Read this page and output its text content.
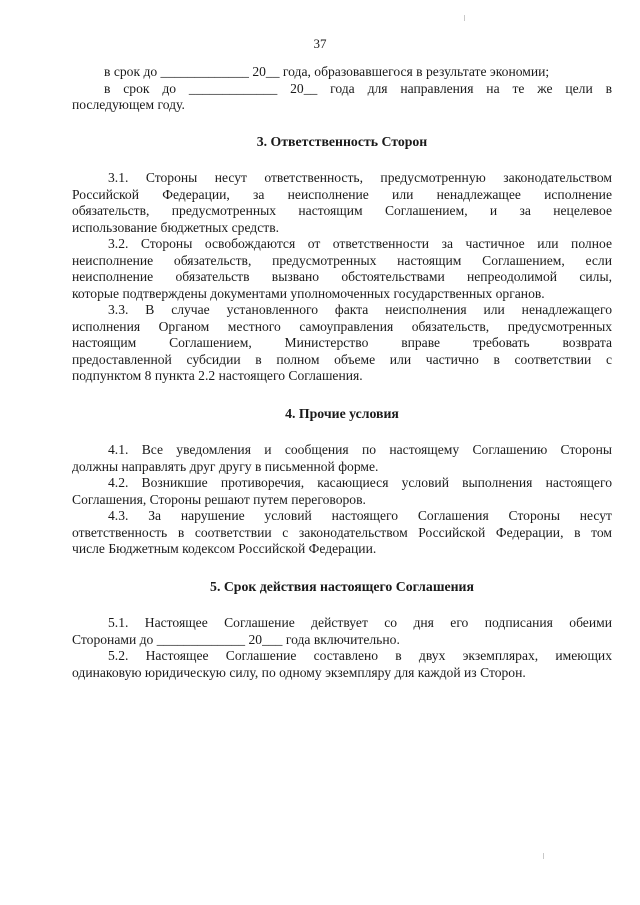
37

в срок до _____________ 20__ года, образовавшегося в результате экономии;

в срок до _____________ 20__ года для направления на те же цели в

последующем году.

3. Ответственность Сторон

3.1. Стороны несут ответственность, предусмотренную законодательством

Российской Федерации, за неисполнение или ненадлежащее исполнение

обязательств, предусмотренных настоящим Соглашением, и за нецелевое

использование бюджетных средств.

3.2. Стороны освобождаются от ответственности за частичное или полное

неисполнение обязательств, предусмотренных настоящим Соглашением, если

неисполнение обязательств вызвано обстоятельствами непреодолимой силы,

которые подтверждены документами уполномоченных государственных органов.

3.3. В случае установленного факта неисполнения или ненадлежащего

исполнения Органом местного самоуправления обязательств, предусмотренных

настоящим Соглашением, Министерство вправе требовать возврата

предоставленной субсидии в полном объеме или частично в соответствии с

подпунктом 8 пункта 2.2 настоящего Соглашения.

4. Прочие условия

4.1. Все уведомления и сообщения по настоящему Соглашению Стороны

должны направлять друг другу в письменной форме.

4.2. Возникшие противоречия, касающиеся условий выполнения настоящего

Соглашения, Стороны решают путем переговоров.

4.3. За нарушение условий настоящего Соглашения Стороны несут

ответственность в соответствии с законодательством Российской Федерации, в том

числе Бюджетным кодексом Российской Федерации.

5. Срок действия настоящего Соглашения

5.1. Настоящее Соглашение действует со дня его подписания обеими

Сторонами до _____________ 20___ года включительно.

5.2. Настоящее Соглашение составлено в двух экземплярах, имеющих

одинаковую юридическую силу, по одному экземпляру для каждой из Сторон.
